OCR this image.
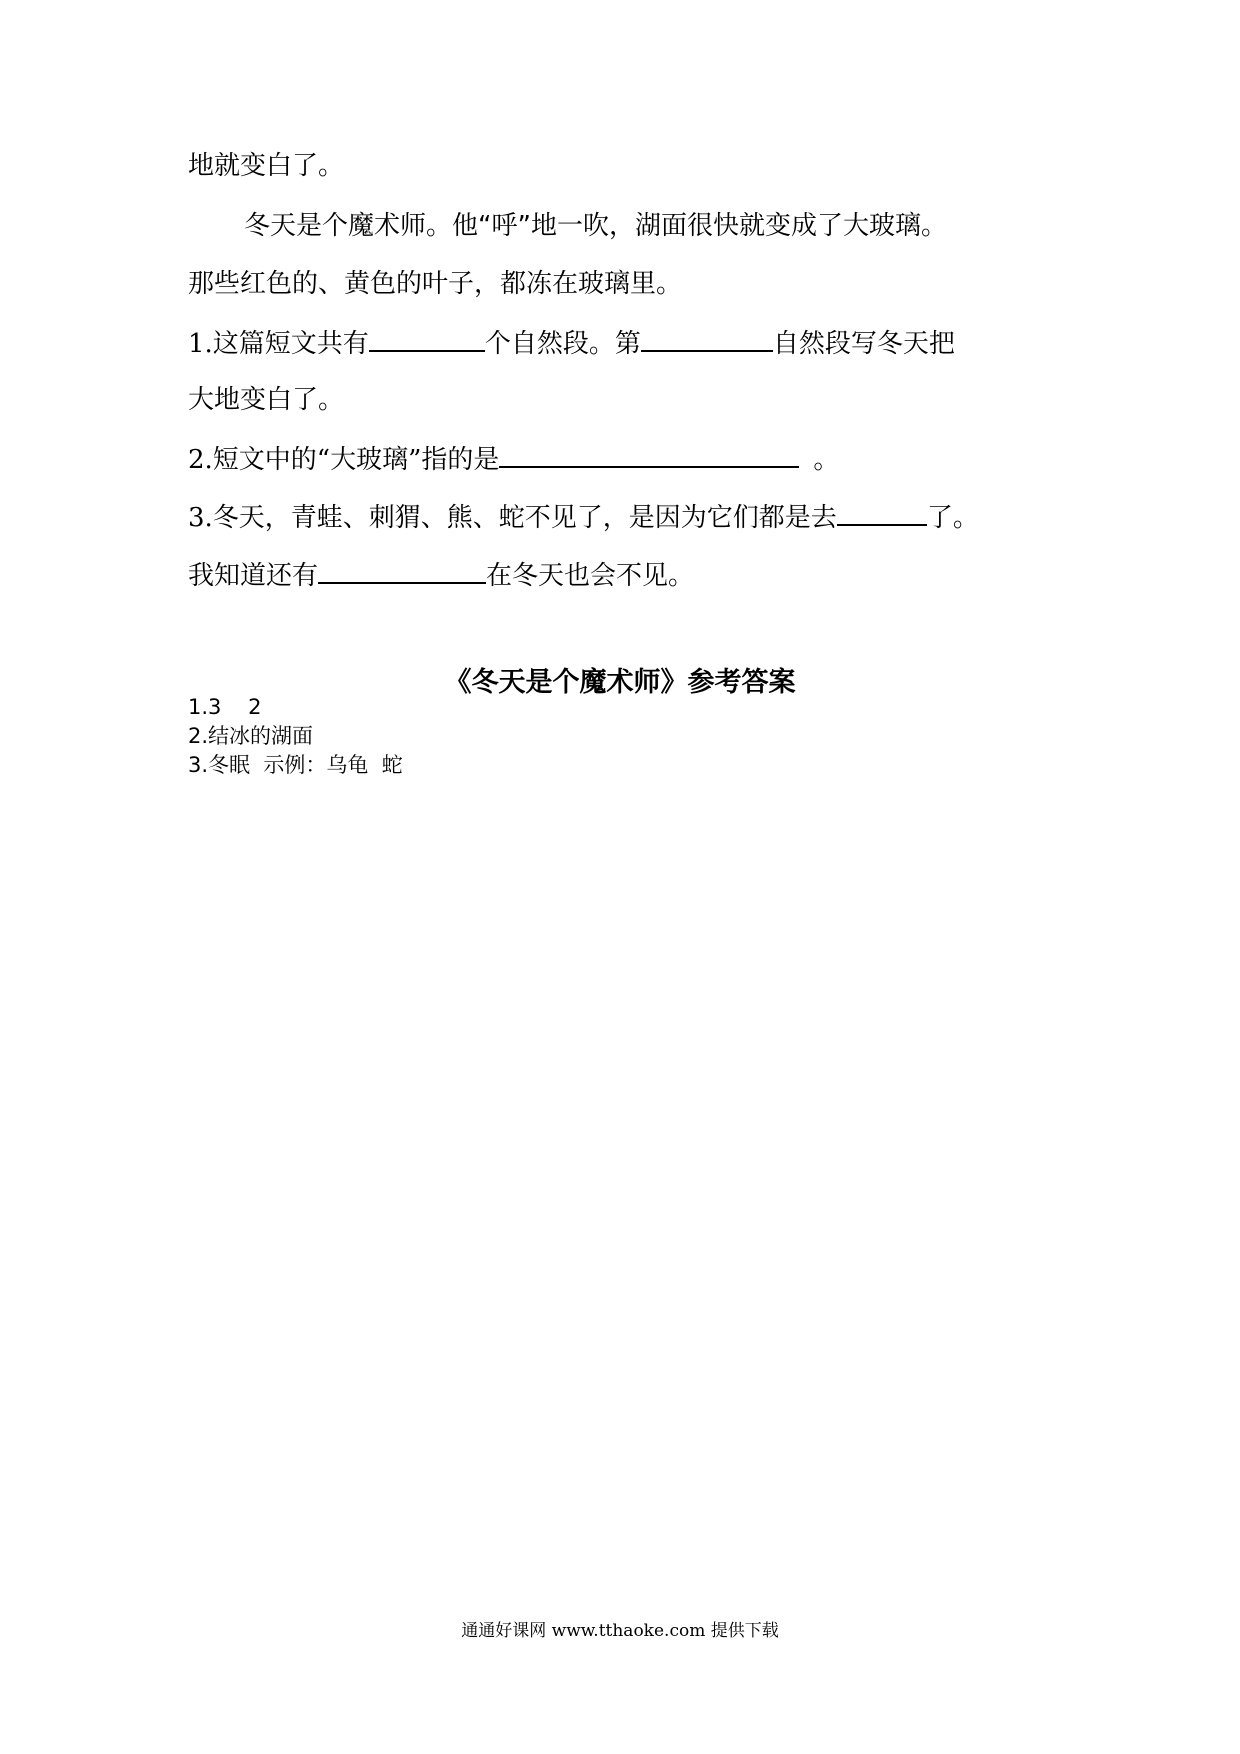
地就变白了。
冬天是个魔术师。他“呼”地一吹，湖面很快就变成了大玻璃。
那些红色的、黄色的叶子，都冻在玻璃里。
1.这篇短文共有	个自然段。第	自然段写冬天把
大地变白了。
2.短文中的“大玻璃”指的是	。
3.冬天，青蛙、刺猬、熊、蛇不见了，是因为它们都是去	了。
我知道还有	在冬天也会不见。
《冬天是个魔术师》参考答案
1.3    2
2.结冰的湖面
3.冬眠  示例：乌龟  蛇
通通好课网 www.tthaoke.com 提供下载
